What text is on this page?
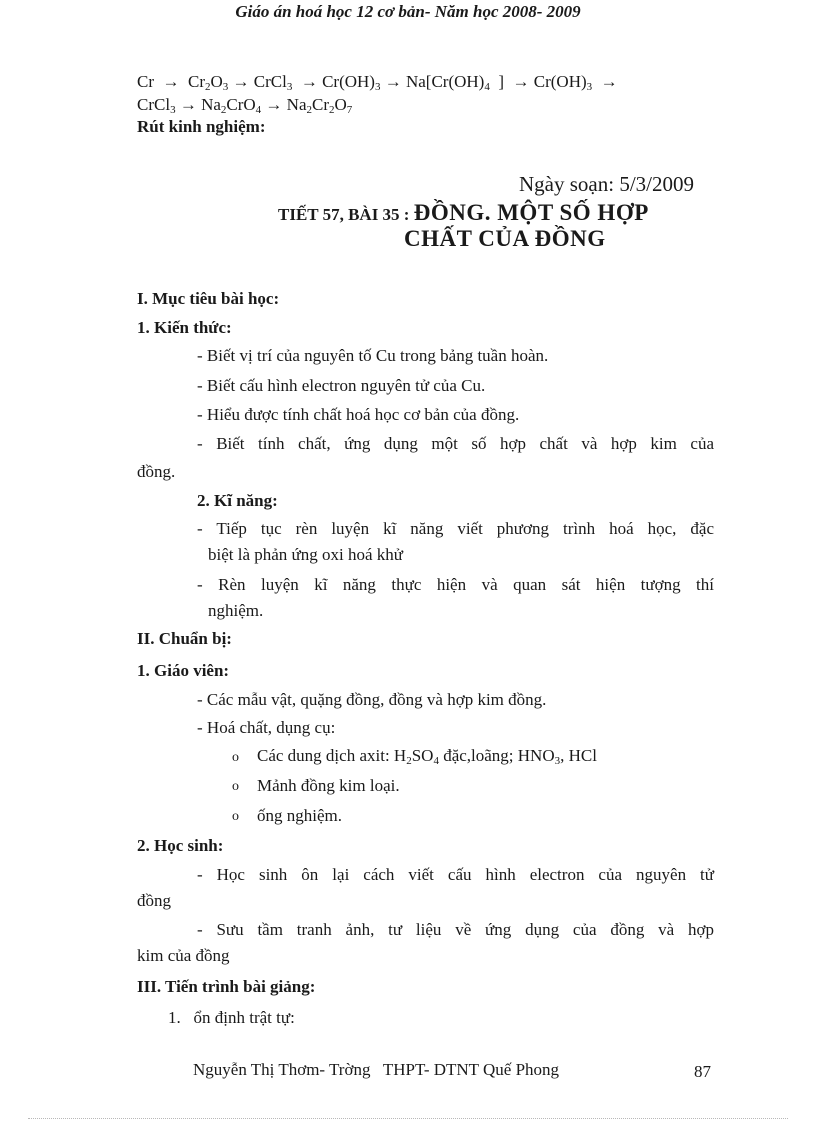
Giáo án hoá học 12 cơ bản- Năm học 2008- 2009
$Cr \to Cr_2O_3$ → CrCl$_3$ → $Cr(OH)_3 \to Na[Cr(OH)_4$  ] → $Cr(OH)_3$ →
CrCl$_3$ → $Na_2CrO_4 \to Na_2Cr_2O_7$
Rút kinh nghiệm:
Ngày soạn: 5/3/2009
TIẾT 57, BÀI 35 : ĐỒNG. MỘT SỐ HỢP
CHẤT CỦA ĐỒNG
I. Mục tiêu bài học:
1. Kiến thức:
- Biết vị trí của nguyên tố Cu trong bảng tuần hoàn.
- Biết cấu hình electron nguyên tử của Cu.
- Hiểu được tính chất hoá học cơ bản của đồng.
- Biết tính chất, ứng dụng một số hợp chất và hợp kim của
đồng.
2. Kĩ năng:
- Tiếp tục rèn luyện kĩ năng viết phương trình hoá học, đặc
biệt là phản ứng oxi hoá khử
- Rèn luyện kĩ năng thực hiện và quan sát hiện tượng thí
nghiệm.
II. Chuẩn bị:
1. Giáo viên:
- Các mẫu vật, quặng đồng, đồng và hợp kim đồng.
- Hoá chất, dụng cụ:
o Các dung dịch axit: $H_2SO_4$ đặc,loãng; $HNO_3$, HCl
o Mảnh đồng kim loại.
o ống nghiệm.
2. Học sinh:
- Học sinh ôn lại cách viết cấu hình electron của nguyên tử
đồng
- Sưu tầm tranh ảnh, tư liệu về ứng dụng của đồng và hợp
kim của đồng
III. Tiến trình bài giảng:
1.   ổn định trật tự:
Nguyễn Thị Thơm- Trờng   THPT- DTNT Quế Phong	87
